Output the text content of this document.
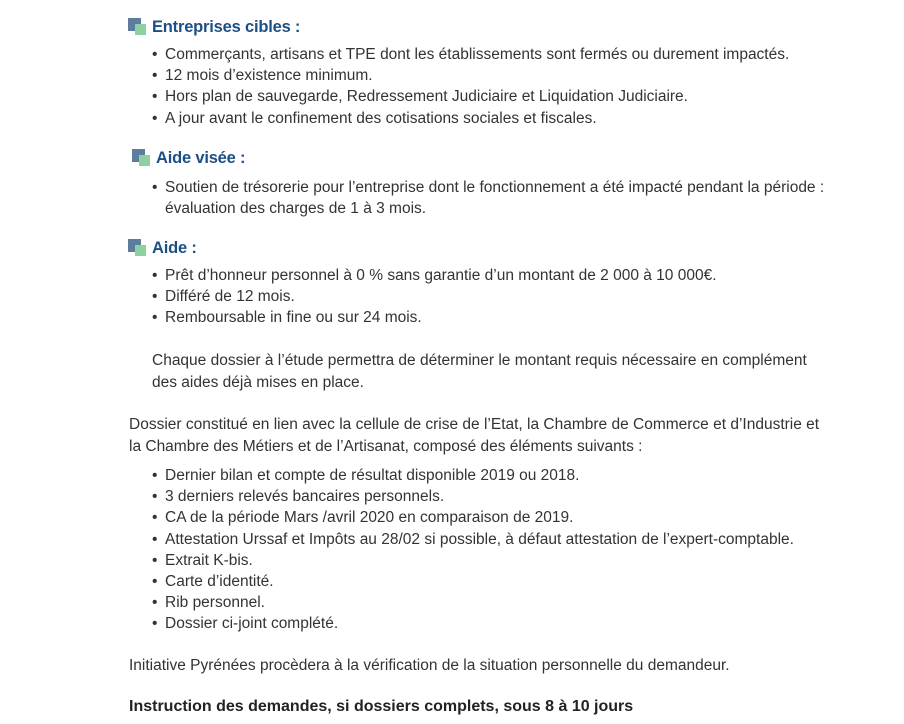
Entreprises cibles :
• Commerçants, artisans et TPE dont les établissements sont fermés ou durement impactés.
• 12 mois d’existence minimum.
• Hors plan de sauvegarde, Redressement Judiciaire et Liquidation Judiciaire.
• A jour avant le confinement des cotisations sociales et fiscales.
Aide visée :
• Soutien de trésorerie pour l’entreprise dont le fonctionnement a été impacté pendant la période :
évaluation des charges de 1 à 3 mois.
Aide :
• Prêt d’honneur personnel à 0 % sans garantie d’un montant de 2 000 à 10 000€.
• Différé de 12 mois.
• Remboursable in fine ou sur 24 mois.

Chaque dossier à l’étude permettra de déterminer le montant requis nécessaire en complément
des aides déjà mises en place.

Dossier constitué en lien avec la cellule de crise de l’Etat, la Chambre de Commerce et d’Industrie et
la Chambre des Métiers et de l’Artisanat, composé des éléments suivants :

• Dernier bilan et compte de résultat disponible 2019 ou 2018.
• 3 derniers relevés bancaires personnels.
• CA de la période Mars /avril 2020 en comparaison de 2019.
• Attestation Urssaf et Impôts au 28/02 si possible, à défaut attestation de l’expert-comptable.
• Extrait K-bis.
• Carte d’identité.
• Rib personnel.
• Dossier ci-joint complété.

Initiative Pyrénées procèdera à la vérification de la situation personnelle du demandeur.

Instruction des demandes, si dossiers complets, sous 8 à 10 jours
